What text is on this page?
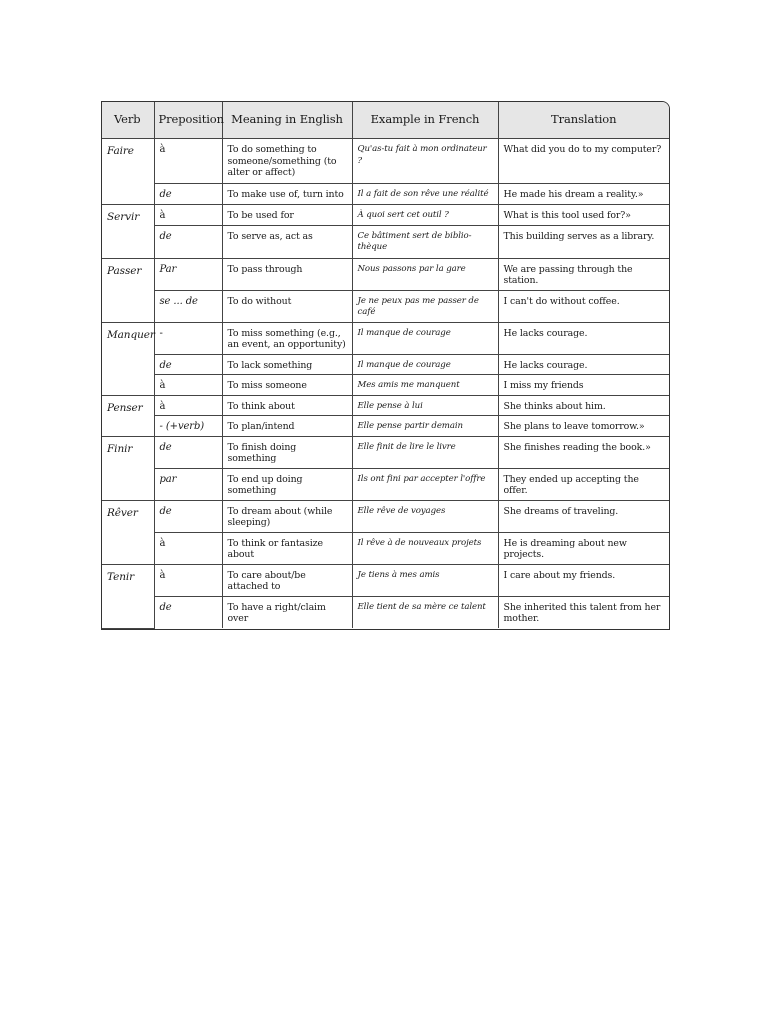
Verb	Preposition	Meaning in English	Example in French	Translation
Faire	à	To do something to someone/something (to alter or affect)	Qu'as-tu fait à mon ordinateur ?	What did you do to my computer?
	de	To make use of, turn into	Il a fait de son rêve une réalité	He made his dream a reality.»
Servir	à	To be used for	À quoi sert cet outil ?	What is this tool used for?»
	de	To serve as, act as	Ce bâtiment sert de biblio-thèque	This building serves as a library.
Passer	Par	To pass through	Nous passons par la gare	We are passing through the station.
	se ... de	To do without	Je ne peux pas me passer de café	I can't do without coffee.
Manquer	-	To miss something (e.g., an event, an opportunity)	Il manque de courage	He lacks courage.
	de	To lack something	Il manque de courage	He lacks courage.
	à	To miss someone	Mes amis me manquent	I miss my friends
Penser	à	To think about	Elle pense à lui	She thinks about him.
	- (+verb)	To plan/intend	Elle pense partir demain	She plans to leave tomorrow.»
Finir	de	To finish doing something	Elle finit de lire le livre	She finishes reading the book.»
	par	To end up doing something	Ils ont fini par accepter l'offre	They ended up accepting the offer.
Rêver	de	To dream about (while sleeping)	Elle rêve de voyages	She dreams of traveling.
	à	To think or fantasize about	Il rêve à de nouveaux projets	He is dreaming about new projects.
Tenir	à	To care about/be attached to	Je tiens à mes amis	I care about my friends.
	de	To have a right/claim over	Elle tient de sa mère ce talent	She inherited this talent from her mother.
